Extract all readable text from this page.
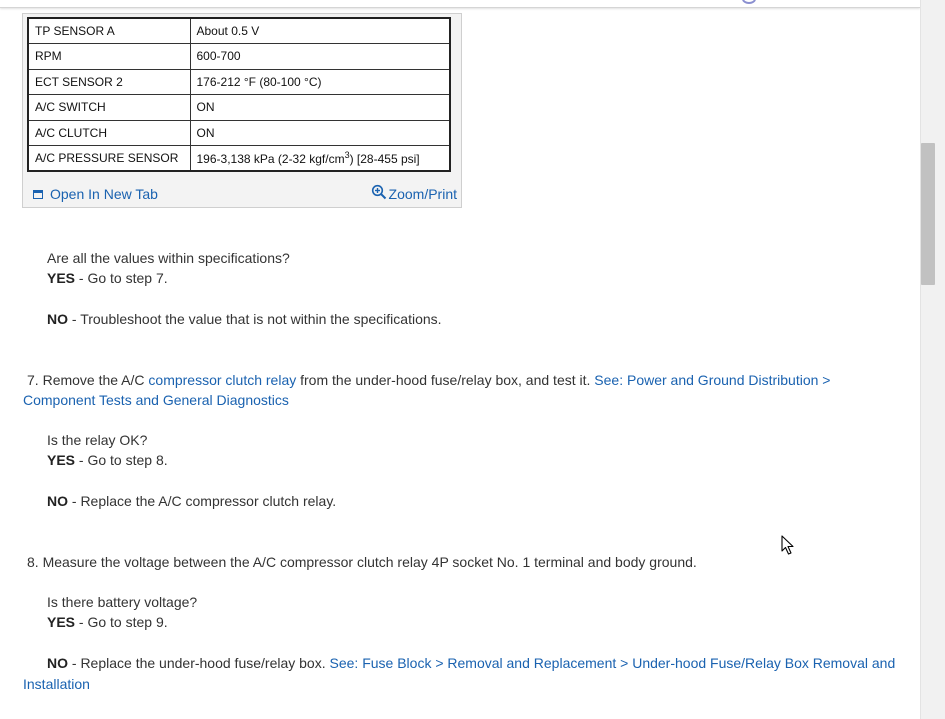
TP SENSOR A	About 0.5 V
RPM	600-700
ECT SENSOR 2	176-212 °F (80-100 °C)
A/C SWITCH	ON
A/C CLUTCH	ON
A/C PRESSURE SENSOR	196-3,138 kPa (2-32 kgf/$cm^3$) [28-455 psi]
Open In New Tab	Zoom/Print
Are all the values within specifications?
YES - Go to step 7.
NO - Troubleshoot the value that is not within the specifications.
7. Remove the A/C compressor clutch relay from the under-hood fuse/relay box, and test it. See: Power and Ground Distribution >
Component Tests and General Diagnostics
Is the relay OK?
YES - Go to step 8.
NO - Replace the A/C compressor clutch relay.
8. Measure the voltage between the A/C compressor clutch relay 4P socket No. 1 terminal and body ground.
Is there battery voltage?
YES - Go to step 9.
NO - Replace the under-hood fuse/relay box. See: Fuse Block > Removal and Replacement > Under-hood Fuse/Relay Box Removal and
Installation
